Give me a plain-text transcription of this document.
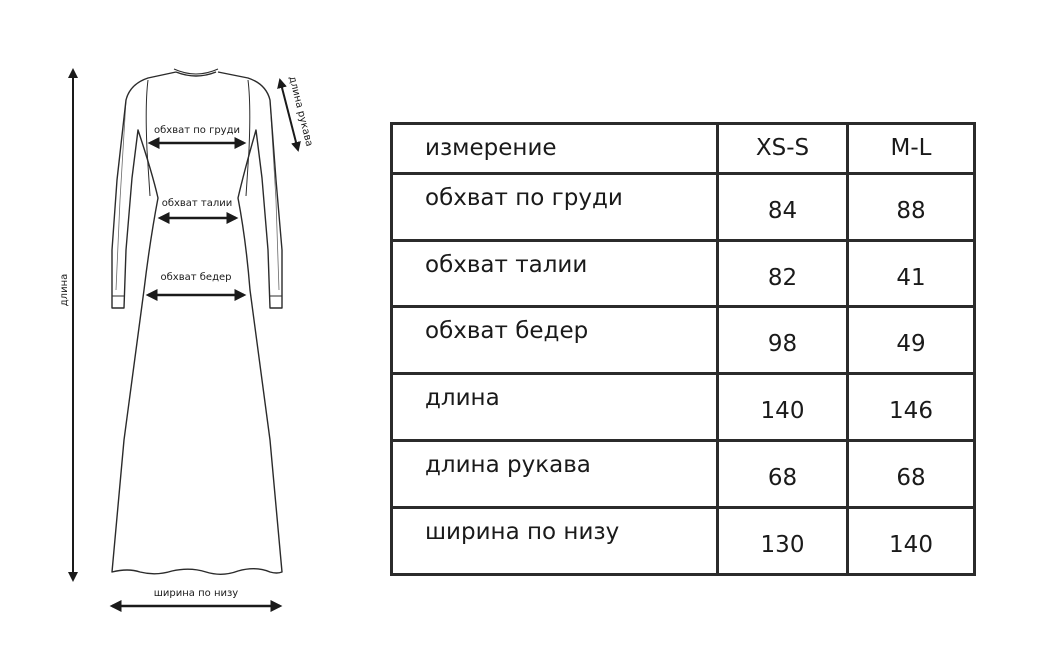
длина
длина рукава
обхват по груди
обхват талии
обхват бедер
ширина по низу
измерение	XS-S	M-L
обхват по груди	84	88
обхват талии	82	41
обхват бедер	98	49
длина	140	146
длина рукава	68	68
ширина по низу	130	140
